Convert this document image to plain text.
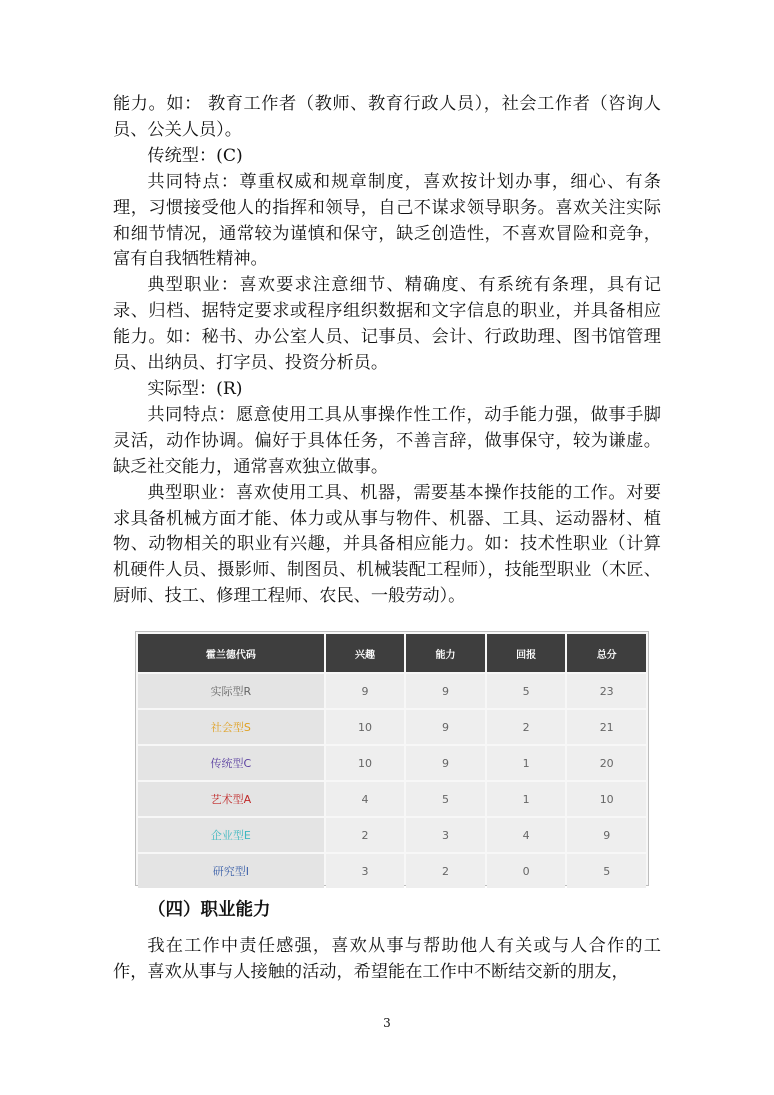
能力。如： 教育工作者（教师、教育行政人员），社会工作者（咨询人员、公关人员）。

传统型：(C)

共同特点：尊重权威和规章制度，喜欢按计划办事，细心、有条理，习惯接受他人的指挥和领导，自己不谋求领导职务。喜欢关注实际和细节情况，通常较为谨慎和保守，缺乏创造性，不喜欢冒险和竞争，富有自我牺牲精神。

典型职业：喜欢要求注意细节、精确度、有系统有条理，具有记录、归档、据特定要求或程序组织数据和文字信息的职业，并具备相应能力。如：秘书、办公室人员、记事员、会计、行政助理、图书馆管理员、出纳员、打字员、投资分析员。

实际型：(R)

共同特点：愿意使用工具从事操作性工作，动手能力强，做事手脚灵活，动作协调。偏好于具体任务，不善言辞，做事保守，较为谦虚。缺乏社交能力，通常喜欢独立做事。

典型职业：喜欢使用工具、机器，需要基本操作技能的工作。对要求具备机械方面才能、体力或从事与物件、机器、工具、运动器材、植物、动物相关的职业有兴趣，并具备相应能力。如：技术性职业（计算机硬件人员、摄影师、制图员、机械装配工程师），技能型职业（木匠、厨师、技工、修理工程师、农民、一般劳动）。

霍兰德代码	兴趣	能力	回报	总分
实际型R	9	9	5	23
社会型S	10	9	2	21
传统型C	10	9	1	20
艺术型A	4	5	1	10
企业型E	2	3	4	9
研究型I	3	2	0	5
（四）职业能力

我在工作中责任感强，喜欢从事与帮助他人有关或与人合作的工作，喜欢从事与人接触的活动，希望能在工作中不断结交新的朋友，

3
